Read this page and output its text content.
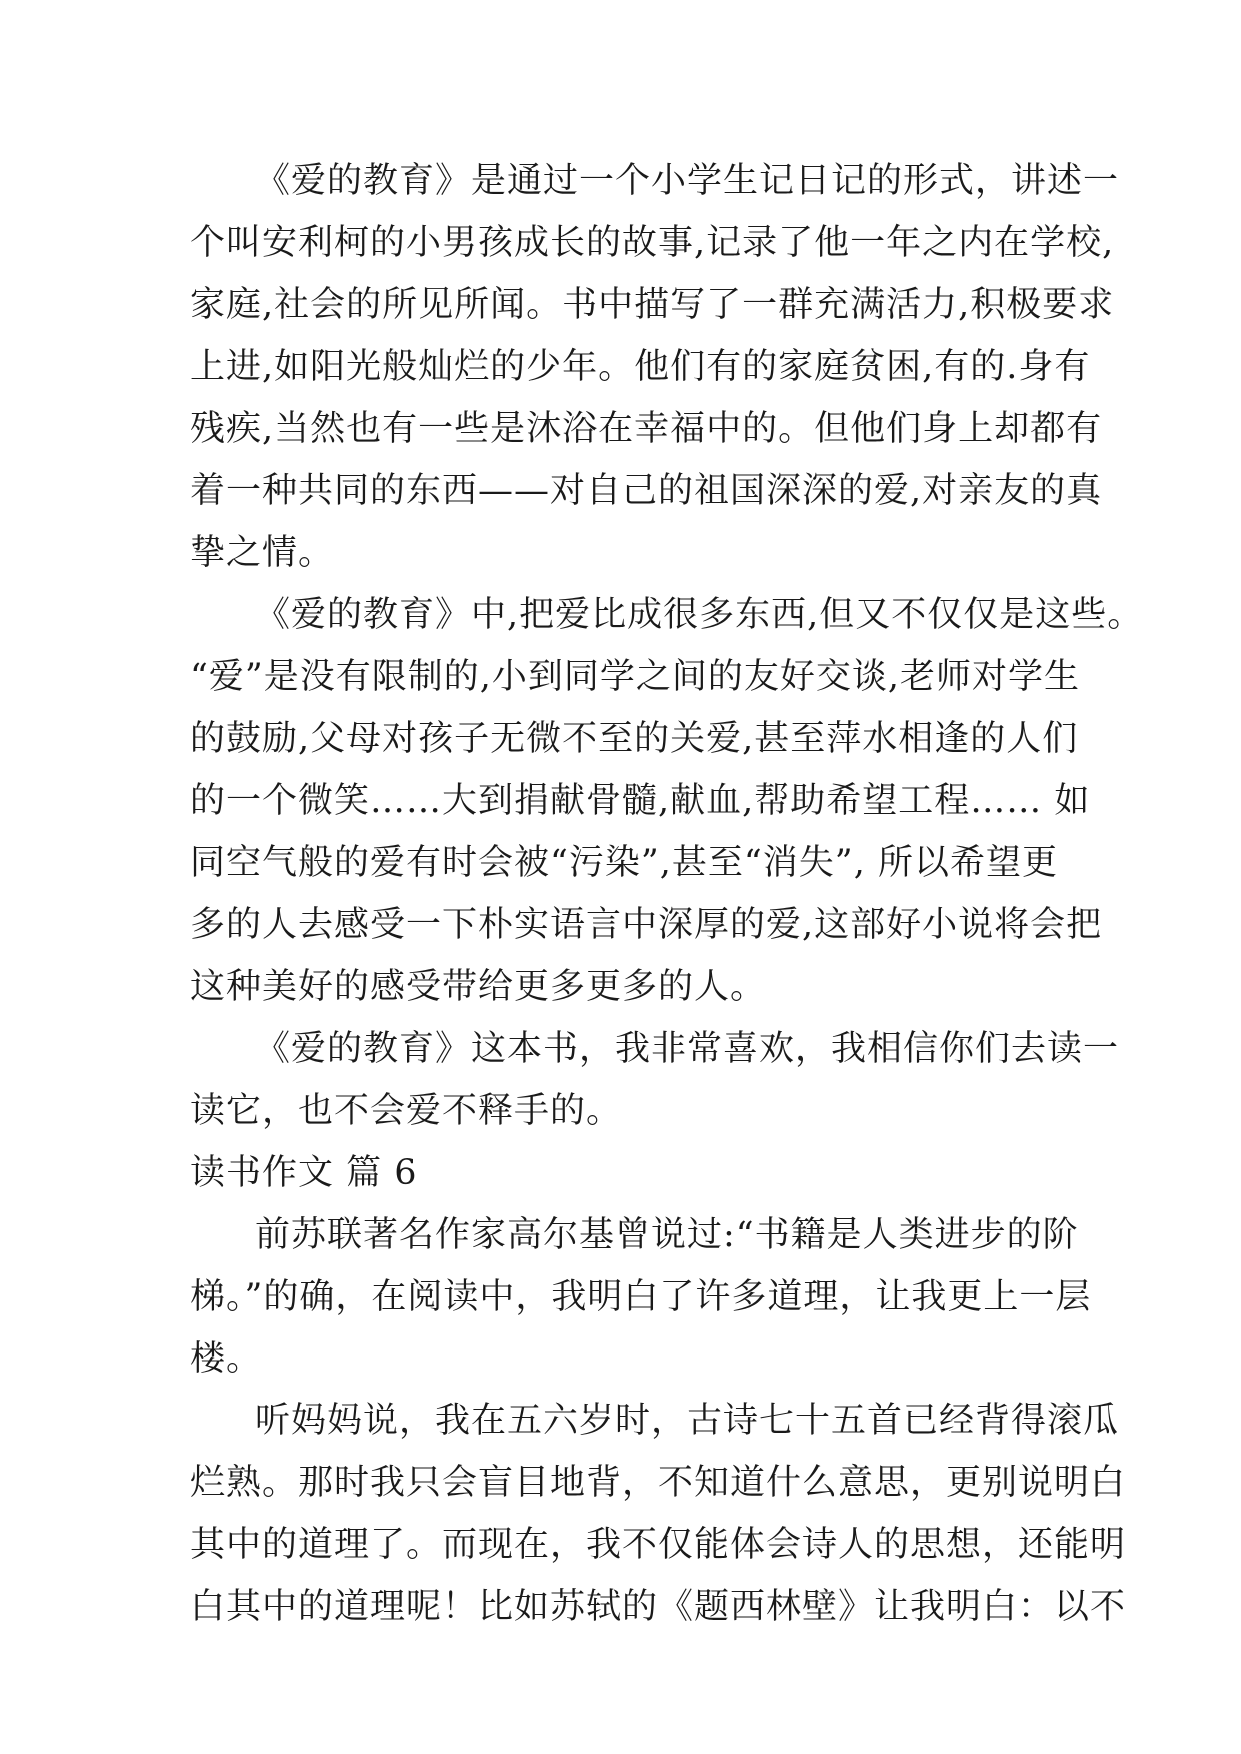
《爱的教育》是通过一个小学生记日记的形式，讲述一
个叫安利柯的小男孩成长的故事,记录了他一年之内在学校,
家庭,社会的所见所闻。书中描写了一群充满活力,积极要求
上进,如阳光般灿烂的少年。他们有的家庭贫困,有的.身有
残疾,当然也有一些是沐浴在幸福中的。但他们身上却都有
着一种共同的东西——对自己的祖国深深的爱,对亲友的真
挚之情。
《爱的教育》中,把爱比成很多东西,但又不仅仅是这些。
“爱”是没有限制的,小到同学之间的友好交谈,老师对学生
的鼓励,父母对孩子无微不至的关爱,甚至萍水相逢的人们
的一个微笑……大到捐献骨髓,献血,帮助希望工程…… 如
同空气般的爱有时会被“污染”,甚至“消失”, 所以希望更
多的人去感受一下朴实语言中深厚的爱,这部好小说将会把
这种美好的感受带给更多更多的人。
《爱的教育》这本书，我非常喜欢，我相信你们去读一
读它，也不会爱不释手的。
读书作文 篇 6
前苏联著名作家高尔基曾说过:“书籍是人类进步的阶
梯。”的确，在阅读中，我明白了许多道理，让我更上一层
楼。
听妈妈说，我在五六岁时，古诗七十五首已经背得滚瓜
烂熟。那时我只会盲目地背，不知道什么意思，更别说明白
其中的道理了。而现在，我不仅能体会诗人的思想，还能明
白其中的道理呢！比如苏轼的《题西林壁》让我明白：以不
